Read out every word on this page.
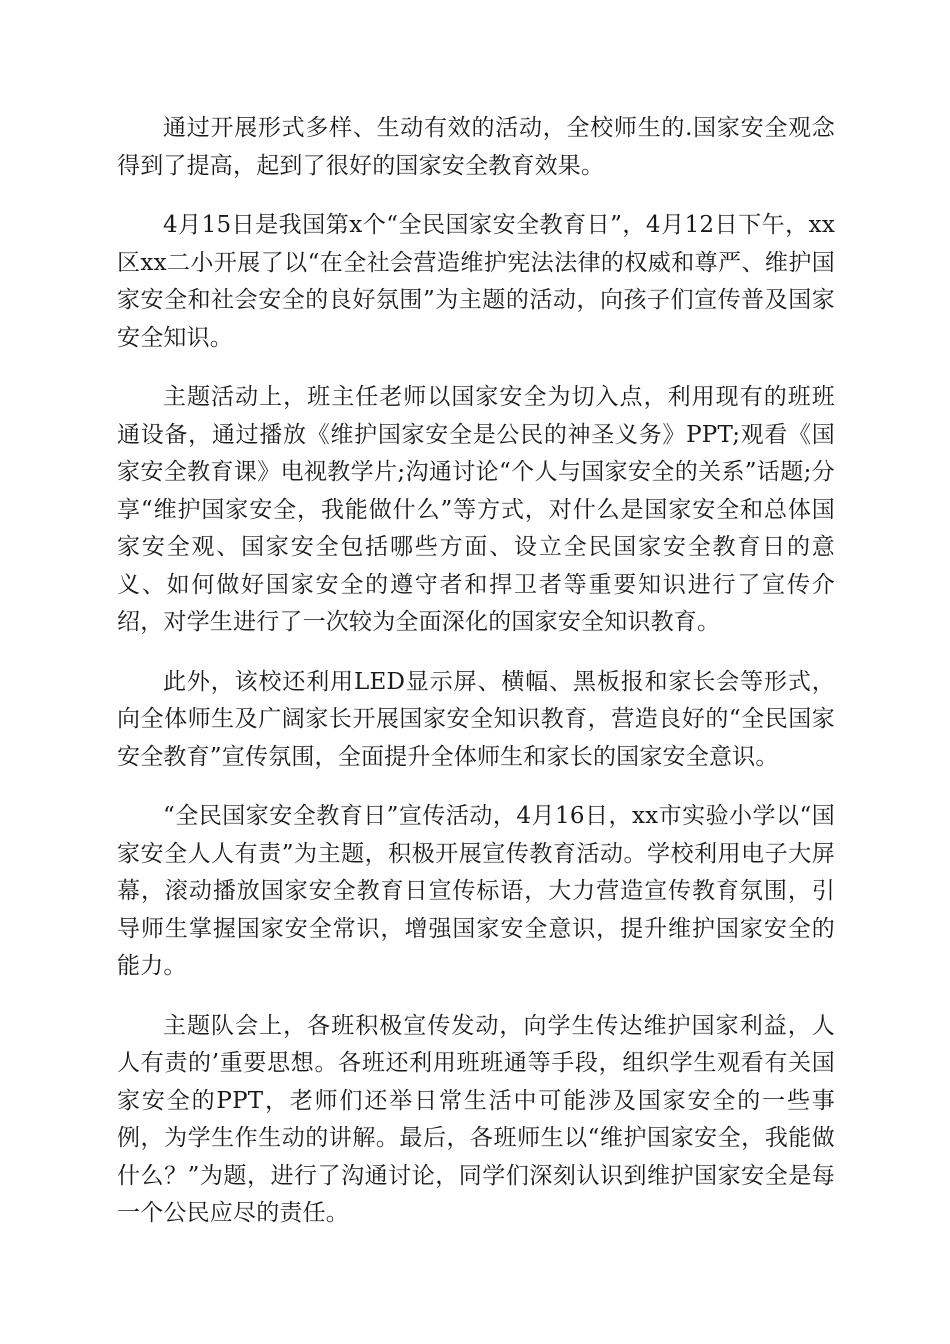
通过开展形式多样、生动有效的活动，全校师生的.国家安全观念得到了提高，起到了很好的国家安全教育效果。

4月15日是我国第x个“全民国家安全教育日”，4月12日下午，xx区xx二小开展了以“在全社会营造维护宪法法律的权威和尊严、维护国家安全和社会安全的良好氛围”为主题的活动，向孩子们宣传普及国家安全知识。

主题活动上，班主任老师以国家安全为切入点，利用现有的班班通设备，通过播放《维护国家安全是公民的神圣义务》PPT;观看《国家安全教育课》电视教学片;沟通讨论“个人与国家安全的关系”话题;分享“维护国家安全，我能做什么”等方式，对什么是国家安全和总体国家安全观、国家安全包括哪些方面、设立全民国家安全教育日的意义、如何做好国家安全的遵守者和捍卫者等重要知识进行了宣传介绍，对学生进行了一次较为全面深化的国家安全知识教育。

此外，该校还利用LED显示屏、横幅、黑板报和家长会等形式，向全体师生及广阔家长开展国家安全知识教育，营造良好的“全民国家安全教育”宣传氛围，全面提升全体师生和家长的国家安全意识。

“全民国家安全教育日”宣传活动，4月16日，xx市实验小学以“国家安全人人有责”为主题，积极开展宣传教育活动。学校利用电子大屏幕，滚动播放国家安全教育日宣传标语，大力营造宣传教育氛围，引导师生掌握国家安全常识，增强国家安全意识，提升维护国家安全的能力。

主题队会上，各班积极宣传发动，向学生传达维护国家利益，人人有责的’重要思想。各班还利用班班通等手段，组织学生观看有关国家安全的PPT，老师们还举日常生活中可能涉及国家安全的一些事例，为学生作生动的讲解。最后，各班师生以“维护国家安全，我能做什么？”为题，进行了沟通讨论，同学们深刻认识到维护国家安全是每一个公民应尽的责任。
